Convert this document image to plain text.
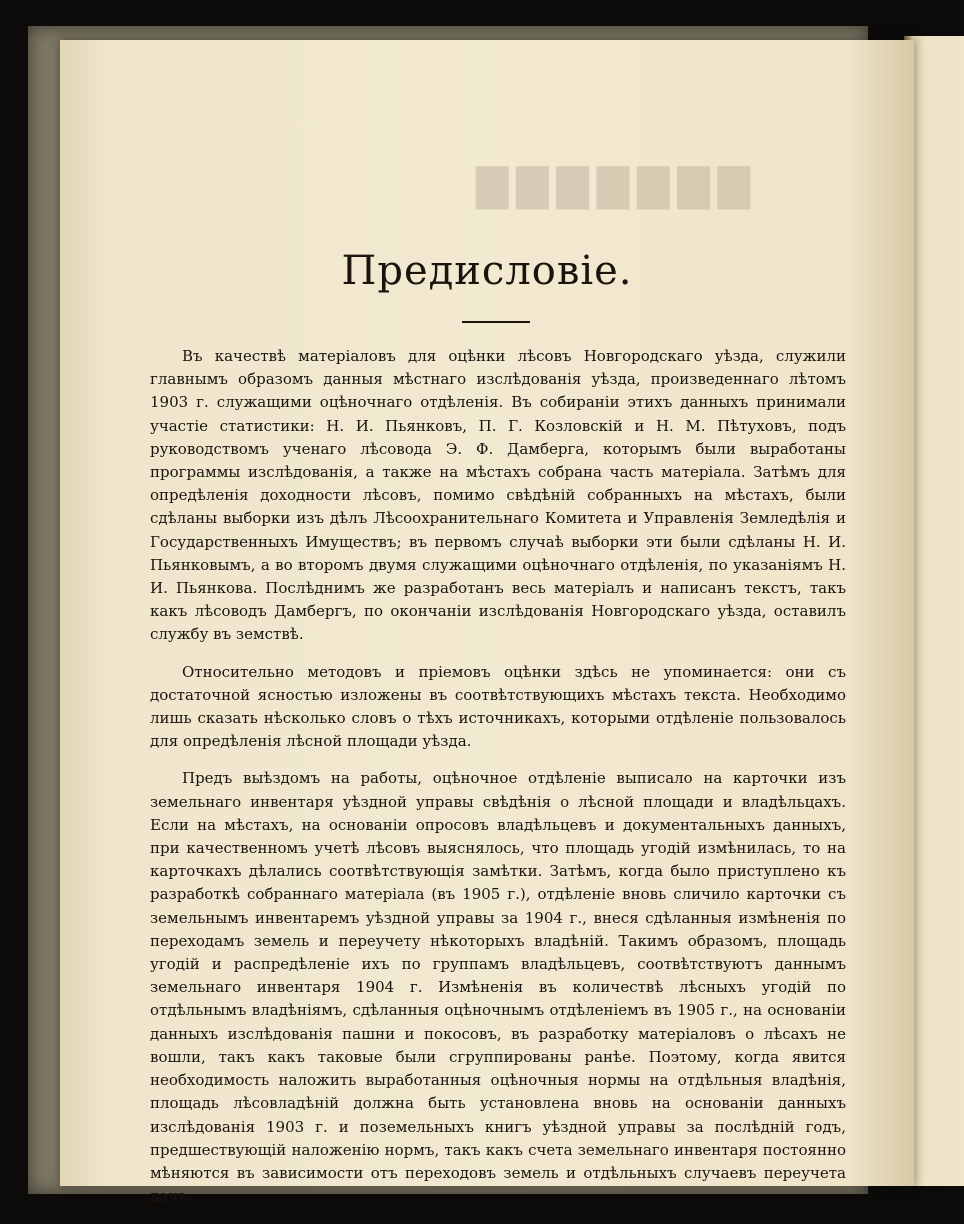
▇▇▇▇▇▇▇
Предисловіе.

Въ качествѣ матеріаловъ для оцѣнки лѣсовъ Новгородскаго уѣзда, служили главнымъ образомъ данныя мѣстнаго изслѣдованія уѣзда, произведеннаго лѣтомъ 1903 г. служащими оцѣночнаго отдѣленія. Въ собираніи этихъ данныхъ принимали участіе статистики: Н. И. Пьянковъ, П. Г. Козловскій и Н. М. Пѣтуховъ, подъ руководствомъ ученаго лѣсовода Э. Ф. Дамберга, которымъ были выработаны программы изслѣдованія, а также на мѣстахъ собрана часть матеріала. Затѣмъ для опредѣленія доходности лѣсовъ, помимо свѣдѣній собранныхъ на мѣстахъ, были сдѣланы выборки изъ дѣлъ Лѣсоохранительнаго Комитета и Управленія Земледѣлія и Государственныхъ Имуществъ; въ первомъ случаѣ выборки эти были сдѣланы Н. И. Пьянковымъ, а во второмъ двумя служащими оцѣночнаго отдѣленія, по указаніямъ Н. И. Пьянкова. Послѣднимъ же разработанъ весь матеріалъ и написанъ текстъ, такъ какъ лѣсоводъ Дамбергъ, по окончаніи изслѣдованія Новгородскаго уѣзда, оставилъ службу въ земствѣ.

Относительно методовъ и пріемовъ оцѣнки здѣсь не упоминается: они съ достаточной ясностью изложены въ соотвѣтствующихъ мѣстахъ текста. Необходимо лишь сказать нѣсколько словъ о тѣхъ источникахъ, которыми отдѣленіе пользовалось для опредѣленія лѣсной площади уѣзда.

Предъ выѣздомъ на работы, оцѣночное отдѣленіе выписало на карточки изъ земельнаго инвентаря уѣздной управы свѣдѣнія о лѣсной площади и владѣльцахъ. Если на мѣстахъ, на основаніи опросовъ владѣльцевъ и документальныхъ данныхъ, при качественномъ учетѣ лѣсовъ выяснялось, что площадь угодій измѣнилась, то на карточкахъ дѣлались соотвѣтствующія замѣтки. Затѣмъ, когда было приступлено къ разработкѣ собраннаго матеріала (въ 1905 г.), отдѣленіе вновь сличило карточки съ земельнымъ инвентаремъ уѣздной управы за 1904 г., внеся сдѣланныя измѣненія по переходамъ земель и переучету нѣкоторыхъ владѣній. Такимъ образомъ, площадь угодій и распредѣленіе ихъ по группамъ владѣльцевъ, соотвѣтствуютъ даннымъ земельнаго инвентаря 1904 г. Измѣненія въ количествѣ лѣсныхъ угодій по отдѣльнымъ владѣніямъ, сдѣланныя оцѣночнымъ отдѣленіемъ въ 1905 г., на основаніи данныхъ изслѣдованія пашни и покосовъ, въ разработку матеріаловъ о лѣсахъ не вошли, такъ какъ таковые были сгруппированы ранѣе. Поэтому, когда явится необходимость наложить выработанныя оцѣночныя нормы на отдѣльныя владѣнія, площадь лѣсовладѣній должна быть установлена вновь на основаніи данныхъ изслѣдованія 1903 г. и поземельныхъ книгъ уѣздной управы за послѣдній годъ, предшествующій наложенію нормъ, такъ какъ счета земельнаго инвентаря постоянно мѣняются въ зависимости отъ переходовъ земель и отдѣльныхъ случаевъ переучета дачъ.
